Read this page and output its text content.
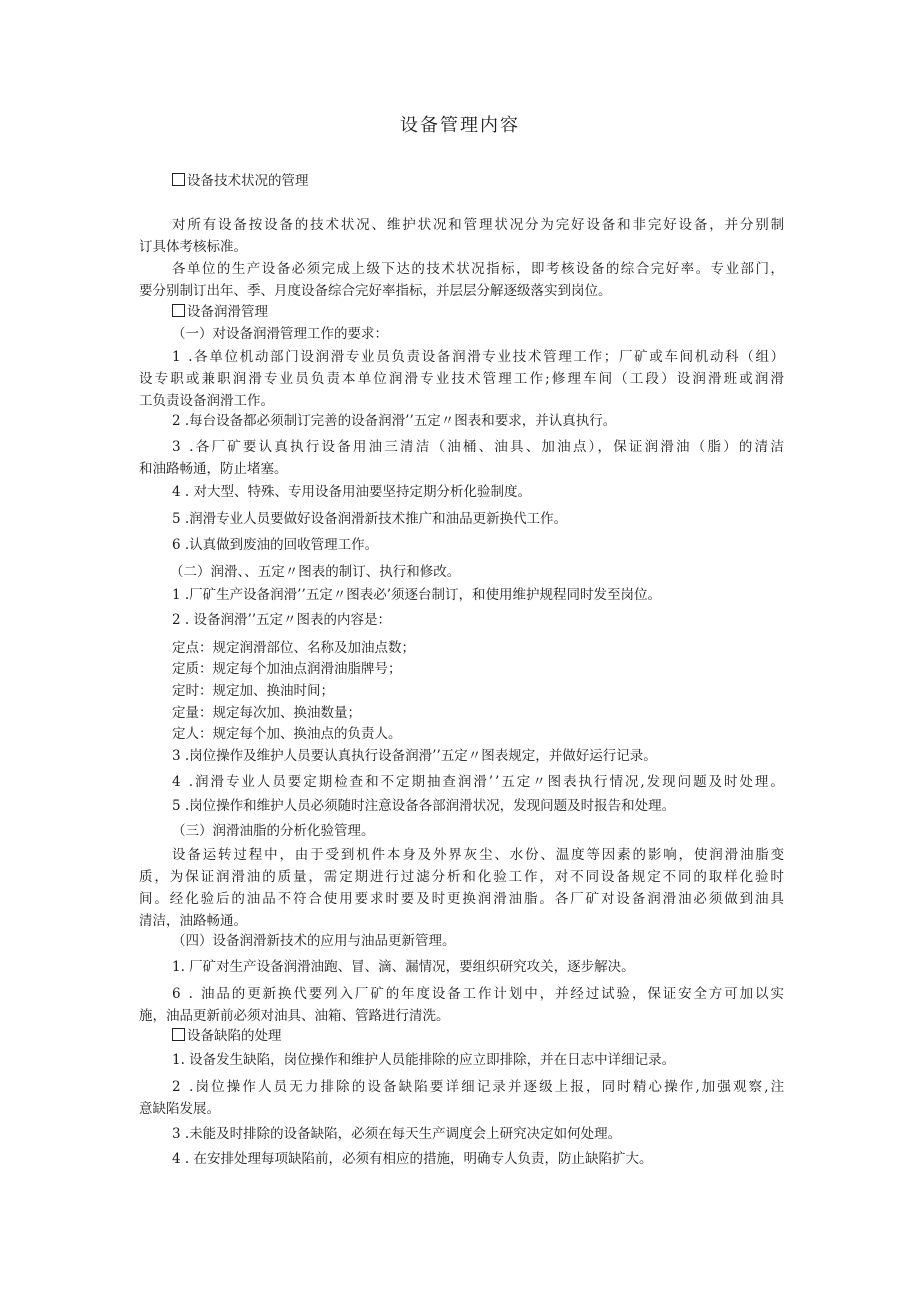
设备管理内容
设备技术状况的管理
对所有设备按设备的技术状况、维护状况和管理状况分为完好设备和非完好设备，并分别制
订具体考核标准。
各单位的生产设备必须完成上级下达的技术状况指标，即考核设备的综合完好率。专业部门，
要分别制订出年、季、月度设备综合完好率指标，并层层分解逐级落实到岗位。
设备润滑管理
（一）对设备润滑管理工作的要求：
1 .各单位机动部门设润滑专业员负责设备润滑专业技术管理工作；厂矿或车间机动科（组）
设专职或兼职润滑专业员负责本单位润滑专业技术管理工作;修理车间（工段）设润滑班或润滑
工负责设备润滑工作。
2 .每台设备都必须制订完善的设备润滑’’五定〃图表和要求，并认真执行。
3 .各厂矿要认真执行设备用油三清洁（油桶、油具、加油点），保证润滑油（脂）的清洁
和油路畅通，防止堵塞。
4 . 对大型、特殊、专用设备用油要坚持定期分析化验制度。
5 .润滑专业人员要做好设备润滑新技术推广和油品更新换代工作。
6 .认真做到废油的回收管理工作。
（二）润滑、、五定〃图表的制订、执行和修改。
1 .厂矿生产设备润滑’’五定〃图表必’须逐台制订，和使用维护规程同时发至岗位。
2 . 设备润滑’’五定〃图表的内容是：
定点：规定润滑部位、名称及加油点数；
定质：规定每个加油点润滑油脂牌号；
定时：规定加、换油时间；
定量：规定每次加、换油数量；
定人：规定每个加、换油点的负责人。
3 .岗位操作及维护人员要认真执行设备润滑’’五定〃图表规定，并做好运行记录。
4 .润滑专业人员要定期检查和不定期抽查润滑’’五定〃图表执行情况,发现问题及时处理。
5 .岗位操作和维护人员必须随时注意设备各部润滑状况，发现问题及时报告和处理。
（三）润滑油脂的分析化验管理。
设备运转过程中，由于受到机件本身及外界灰尘、水份、温度等因素的影响，使润滑油脂变
质，为保证润滑油的质量，需定期进行过滤分析和化验工作，对不同设备规定不同的取样化验时
间。经化验后的油品不符合使用要求时要及时更换润滑油脂。各厂矿对设备润滑油必须做到油具
清洁，油路畅通。
（四）设备润滑新技术的应用与油品更新管理。
1. 厂矿对生产设备润滑油跑、冒、滴、漏情况，要组织研究攻关，逐步解决。
6 . 油品的更新换代要列入厂矿的年度设备工作计划中，并经过试验，保证安全方可加以实
施，油品更新前必须对油具、油箱、管路进行清洗。
设备缺陷的处理
1. 设备发生缺陷，岗位操作和维护人员能排除的应立即排除，并在日志中详细记录。
2 .岗位操作人员无力排除的设备缺陷要详细记录并逐级上报，同时精心操作,加强观察,注
意缺陷发展。
3 .未能及时排除的设备缺陷，必须在每天生产调度会上研究决定如何处理。
4 . 在安排处理每项缺陷前，必须有相应的措施，明确专人负责，防止缺陷扩大。
